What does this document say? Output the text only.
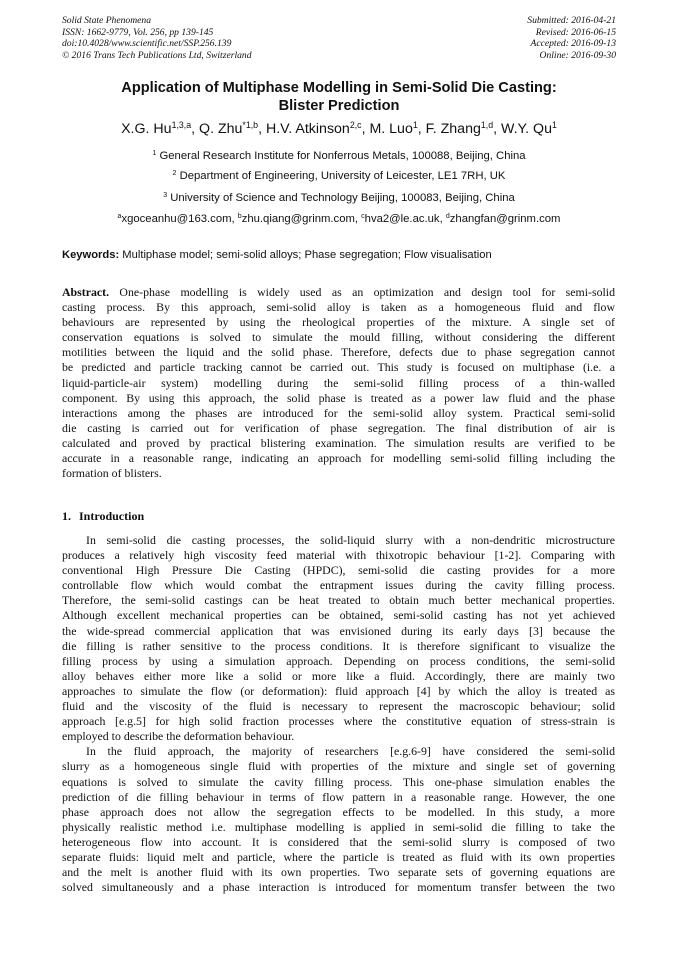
Solid State Phenomena
ISSN: 1662-9779, Vol. 256, pp 139-145
doi:10.4028/www.scientific.net/SSP.256.139
© 2016 Trans Tech Publications Ltd, Switzerland
Submitted: 2016-04-21
Revised: 2016-06-15
Accepted: 2016-09-13
Online: 2016-09-30
Application of Multiphase Modelling in Semi-Solid Die Casting:
Blister Prediction
X.G. Hu$^{1,3,a}$, Q. Zhu$^{*1,b}$, H.V. Atkinson$^{2,c}$, M. Luo$^1$, F. Zhang$^{1,d}$, W.Y. Qu$^1$
$^1$ General Research Institute for Nonferrous Metals, 100088, Beijing, China
$^2$ Department of Engineering, University of Leicester, LE1 7RH, UK
$^3$ University of Science and Technology Beijing, 100083, Beijing, China
$^a$xgoceanhu@163.com, $^b$zhu.qiang@grinm.com, $^c$hva2@le.ac.uk, $^d$zhangfan@grinm.com
Keywords: Multiphase model; semi-solid alloys; Phase segregation; Flow visualisation
Abstract. One-phase modelling is widely used as an optimization and design tool for semi-solid
casting process. By this approach, semi-solid alloy is taken as a homogeneous fluid and flow
behaviours are represented by using the rheological properties of the mixture. A single set of
conservation equations is solved to simulate the mould filling, without considering the different
motilities between the liquid and the solid phase. Therefore, defects due to phase segregation cannot
be predicted and particle tracking cannot be carried out. This study is focused on multiphase (i.e. a
liquid-particle-air system) modelling during the semi-solid filling process of a thin-walled
component. By using this approach, the solid phase is treated as a power law fluid and the phase
interactions among the phases are introduced for the semi-solid alloy system. Practical semi-solid
die casting is carried out for verification of phase segregation. The final distribution of air is
calculated and proved by practical blistering examination. The simulation results are verified to be
accurate in a reasonable range, indicating an approach for modelling semi-solid filling including the
formation of blisters.
1. Introduction
In semi-solid die casting processes, the solid-liquid slurry with a non-dendritic microstructure
produces a relatively high viscosity feed material with thixotropic behaviour [1-2]. Comparing with
conventional High Pressure Die Casting (HPDC), semi-solid die casting provides for a more
controllable flow which would combat the entrapment issues during the cavity filling process.
Therefore, the semi-solid castings can be heat treated to obtain much better mechanical properties.
Although excellent mechanical properties can be obtained, semi-solid casting has not yet achieved
the wide-spread commercial application that was envisioned during its early days [3] because the
die filling is rather sensitive to the process conditions. It is therefore significant to visualize the
filling process by using a simulation approach. Depending on process conditions, the semi-solid
alloy behaves either more like a solid or more like a fluid. Accordingly, there are mainly two
approaches to simulate the flow (or deformation): fluid approach [4] by which the alloy is treated as
fluid and the viscosity of the fluid is necessary to represent the macroscopic behaviour; solid
approach [e.g.5] for high solid fraction processes where the constitutive equation of stress-strain is
employed to describe the deformation behaviour.
In the fluid approach, the majority of researchers [e.g.6-9] have considered the semi-solid
slurry as a homogeneous single fluid with properties of the mixture and single set of governing
equations is solved to simulate the cavity filling process. This one-phase simulation enables the
prediction of die filling behaviour in terms of flow pattern in a reasonable range. However, the one
phase approach does not allow the segregation effects to be modelled. In this study, a more
physically realistic method i.e. multiphase modelling is applied in semi-solid die filling to take the
heterogeneous flow into account. It is considered that the semi-solid slurry is composed of two
separate fluids: liquid melt and particle, where the particle is treated as fluid with its own properties
and the melt is another fluid with its own properties. Two separate sets of governing equations are
solved simultaneously and a phase interaction is introduced for momentum transfer between the two
